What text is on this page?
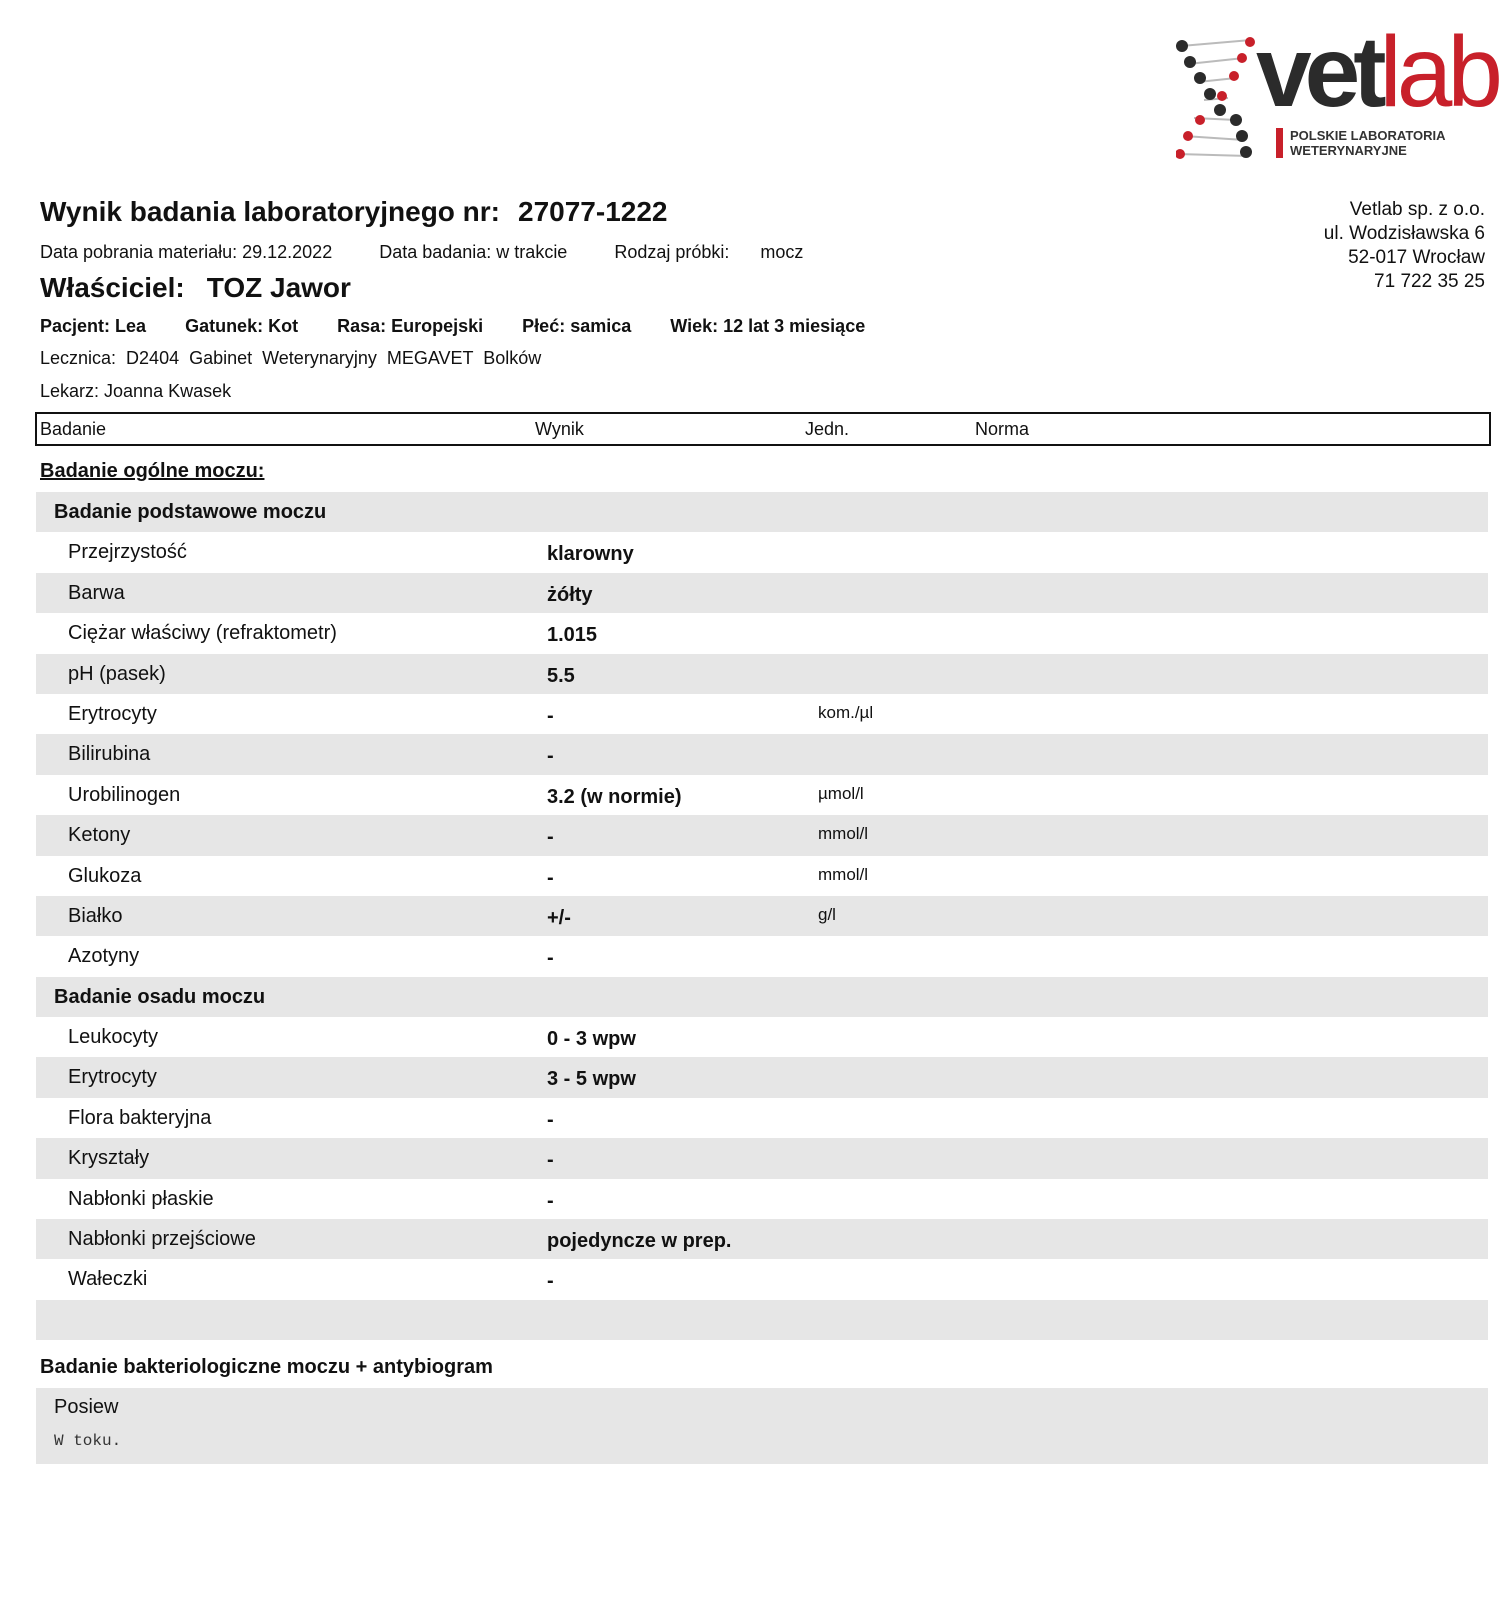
vetlab
POLSKIE LABORATORIA
WETERYNARYJNE
Vetlab sp. z o.o.
ul. Wodzisławska 6
52-017 Wrocław
71 722 35 25
Wynik badania laboratoryjnego nr: 27077-1222
Data pobrania materiału: 29.12.2022	Data badania: w trakcie	Rodzaj próbki: mocz
Właściciel: TOZ Jawor
Pacjent: Lea Gatunek: Kot Rasa: Europejski Płeć: samica Wiek: 12 lat 3 miesiące
Lecznica:  D2404  Gabinet  Weterynaryjny  MEGAVET  Bolków
Lekarz: Joanna Kwasek
Badanie	Wynik	Jedn.	Norma
Badanie ogólne moczu:
Badanie podstawowe moczu
Przejrzystość	klarowny
Barwa	żółty
Ciężar właściwy (refraktometr)	1.015
pH (pasek)	5.5
Erytrocyty	-	kom./µl
Bilirubina	-
Urobilinogen	3.2 (w normie)	µmol/l
Ketony	-	mmol/l
Glukoza	-	mmol/l
Białko	+/-	g/l
Azotyny	-
Badanie osadu moczu
Leukocyty	0 - 3 wpw
Erytrocyty	3 - 5 wpw
Flora bakteryjna	-
Kryształy	-
Nabłonki płaskie	-
Nabłonki przejściowe	pojedyncze w prep.
Wałeczki	-
Badanie bakteriologiczne moczu + antybiogram
Posiew
W toku.
